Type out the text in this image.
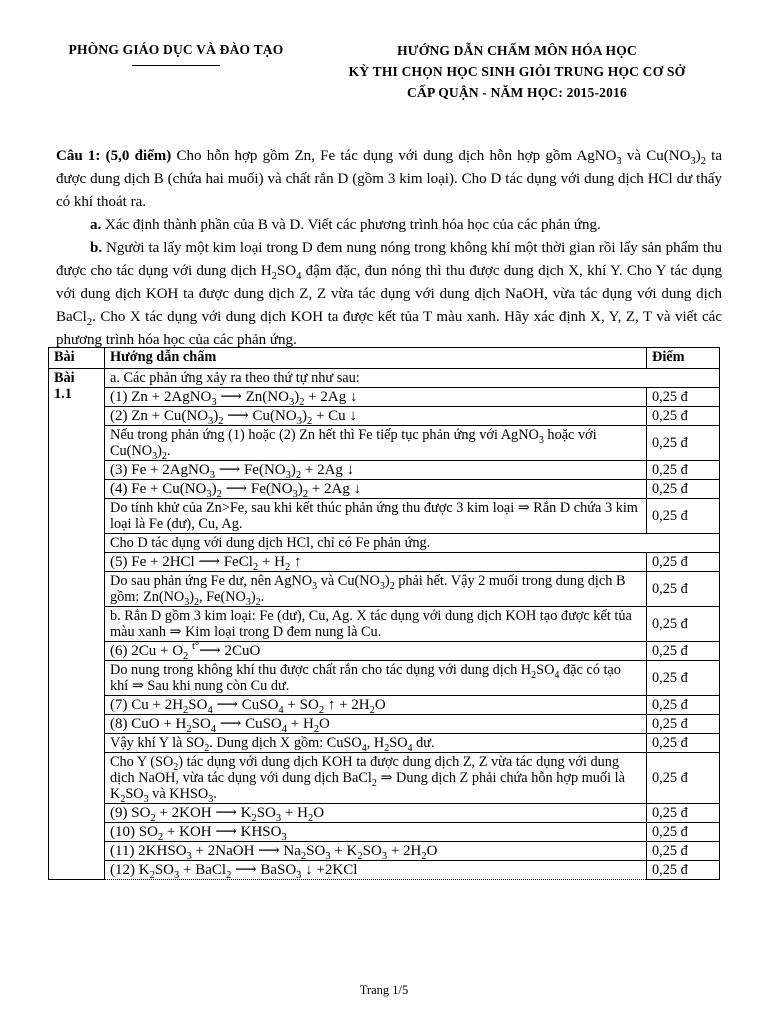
PHÒNG GIÁO DỤC VÀ ĐÀO TẠO	HƯỚNG DẪN CHẤM MÔN HÓA HỌC
KỲ THI CHỌN HỌC SINH GIỎI TRUNG HỌC CƠ SỞ
CẤP QUẬN - NĂM HỌC: 2015-2016

Câu 1: (5,0 điểm) Cho hỗn hợp gồm Zn, Fe tác dụng với dung dịch hỗn hợp gồm AgNO$_3$ và $Cu(NO_3)_2$ ta được dung dịch B (chứa hai muối) và chất rắn D (gồm 3 kim loại). Cho D tác dụng với dung dịch HCl dư thấy có khí thoát ra.

a. Xác định thành phần của B và D. Viết các phương trình hóa học của các phản ứng.

b. Người ta lấy một kim loại trong D đem nung nóng trong không khí một thời gian rồi lấy sản phẩm thu được cho tác dụng với dung dịch $H_2SO_4$ đậm đặc, đun nóng thì thu được dung dịch X, khí Y. Cho Y tác dụng với dung dịch KOH ta được dung dịch Z, Z vừa tác dụng với dung dịch NaOH, vừa tác dụng với dung dịch BaCl$_2$. Cho X tác dụng với dung dịch KOH ta được kết tủa T màu xanh. Hãy xác định X, Y, Z, T và viết các phương trình hóa học của các phản ứng.

Bài	Hướng dẫn chấm	Điểm

Bài
1.1	a. Các phản ứng xảy ra theo thứ tự như sau:	
	(1) Zn + 2AgNO$_3$ ⟶ $Zn(NO_3)_2 + 2Ag$ ↓	0,25 đ
	(2) $Zn + Cu(NO_3)_2$ ⟶ $Cu(NO_3)_2 + Cu$ ↓	0,25 đ
	Nếu trong phản ứng (1) hoặc (2) Zn hết thì Fe tiếp tục phản ứng với AgNO$_3$ hoặc với $Cu(NO_3)_2$.	0,25 đ
	(3) Fe + 2AgNO$_3$ ⟶ $Fe(NO_3)_2 + 2Ag$ ↓	0,25 đ
	(4) $Fe + Cu(NO_3)_2$ ⟶ $Fe(NO_3)_2 + 2Ag$ ↓	0,25 đ
	Do tính khử của Zn>Fe, sau khi kết thúc phản ứng thu được 3 kim loại ⇒ Rắn D chứa 3 kim loại là Fe (dư), Cu, Ag.	0,25 đ
	Cho D tác dụng với dung dịch HCl, chỉ có Fe phản ứng.	
	(5) Fe + 2HCl ⟶ FeCl$_2$ + $H_2$ ↑	0,25 đ
	Do sau phản ứng Fe dư, nên AgNO$_3$ và $Cu(NO_3)_2$ phải hết. Vậy 2 muối trong dung dịch B gồm: $Zn(NO_3)_2$, $Fe(NO_3)_2$.	0,25 đ
	b. Rắn D gồm 3 kim loại: Fe (dư), Cu, Ag. X tác dụng với dung dịch KOH tạo được kết tủa màu xanh ⇒ Kim loại trong D đem nung là Cu.	0,25 đ
	(6) $2Cu + O_2$ $^{t^\circ}$⟶ 2CuO	0,25 đ
	Do nung trong không khí thu được chất rắn cho tác dụng với dung dịch $H_2SO_4$ đặc có tạo khí ⇒ Sau khi nung còn Cu dư.	0,25 đ
	(7) $Cu + 2H_2SO_4$ ⟶ CuSO$_4$ + $SO_2$ ↑ + $2H_2O$	0,25 đ
	(8) CuO + $H_2SO_4$ ⟶ CuSO$_4$ + $H_2O$	0,25 đ
	Vậy khí Y là $SO_2$. Dung dịch X gồm: CuSO$_4$, $H_2SO_4$ dư.	0,25 đ
	Cho Y $(SO_2)$ tác dụng với dung dịch KOH ta được dung dịch Z, Z vừa tác dụng với dung dịch NaOH, vừa tác dụng với dung dịch BaCl$_2$ ⇒ Dung dịch Z phải chứa hỗn hợp muối là $K_2SO_3$ và $KHSO_3$.	0,25 đ
	(9) $SO_2 + 2KOH$ ⟶ $K_2SO_3 + H_2O$	0,25 đ
	(10) $SO_2$ + KOH ⟶ $KHSO_3$	0,25 đ
	(11) $2KHSO_3$ + 2NaOH ⟶ $Na_2SO_3 + K_2SO_3 + 2H_2O$	0,25 đ
	(12) $K_2SO_3$ + BaCl$_2$ ⟶ BaSO$_3$ ↓ +2KCl	0,25 đ
Trang 1/5
